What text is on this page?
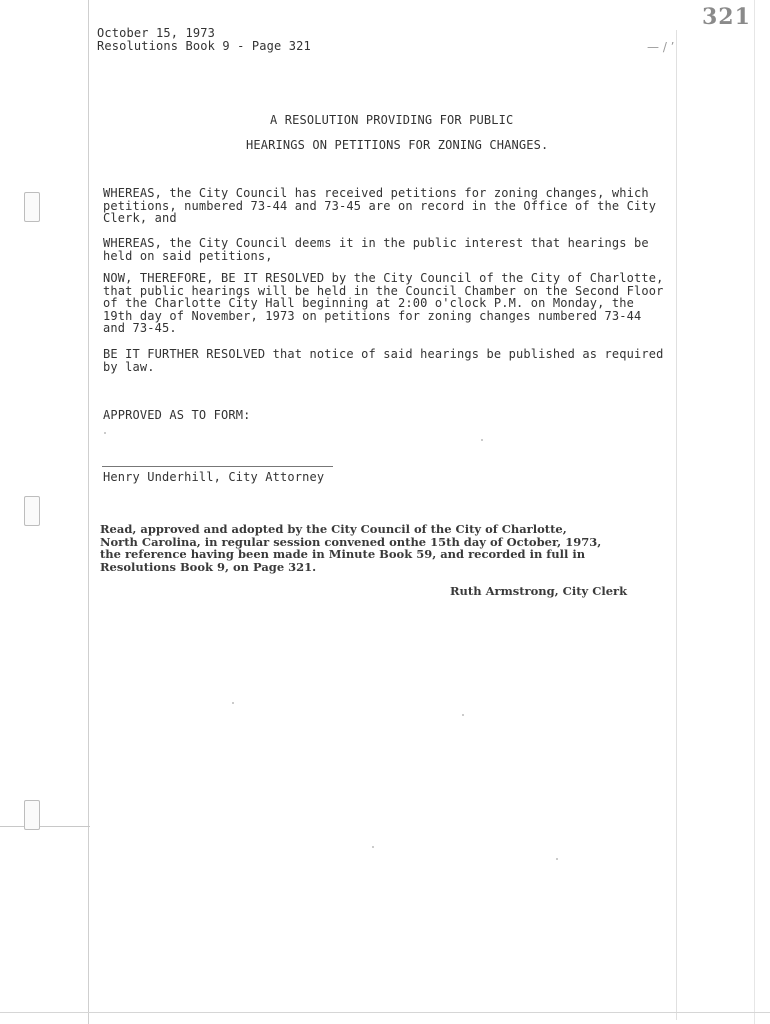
October 15, 1973
Resolutions Book 9 - Page 321
321
— / ’
A RESOLUTION PROVIDING FOR PUBLIC
HEARINGS ON PETITIONS FOR ZONING CHANGES.
WHEREAS, the City Council has received petitions for zoning changes, which
petitions, numbered 73-44 and 73-45 are on record in the Office of the City
Clerk, and
WHEREAS, the City Council deems it in the public interest that hearings be
held on said petitions,
NOW, THEREFORE, BE IT RESOLVED by the City Council of the City of Charlotte,
that public hearings will be held in the Council Chamber on the Second Floor
of the Charlotte City Hall beginning at 2:00 o'clock P.M. on Monday, the
19th day of November, 1973 on petitions for zoning changes numbered 73-44
and 73-45.
BE IT FURTHER RESOLVED that notice of said hearings be published as required
by law.
APPROVED AS TO FORM:
Henry Underhill, City Attorney
Read, approved and adopted by the City Council of the City of Charlotte,
North Carolina, in regular session convened onthe 15th day of October, 1973,
the reference having been made in Minute Book 59, and recorded in full in
Resolutions Book 9, on Page 321.
Ruth Armstrong, City Clerk
